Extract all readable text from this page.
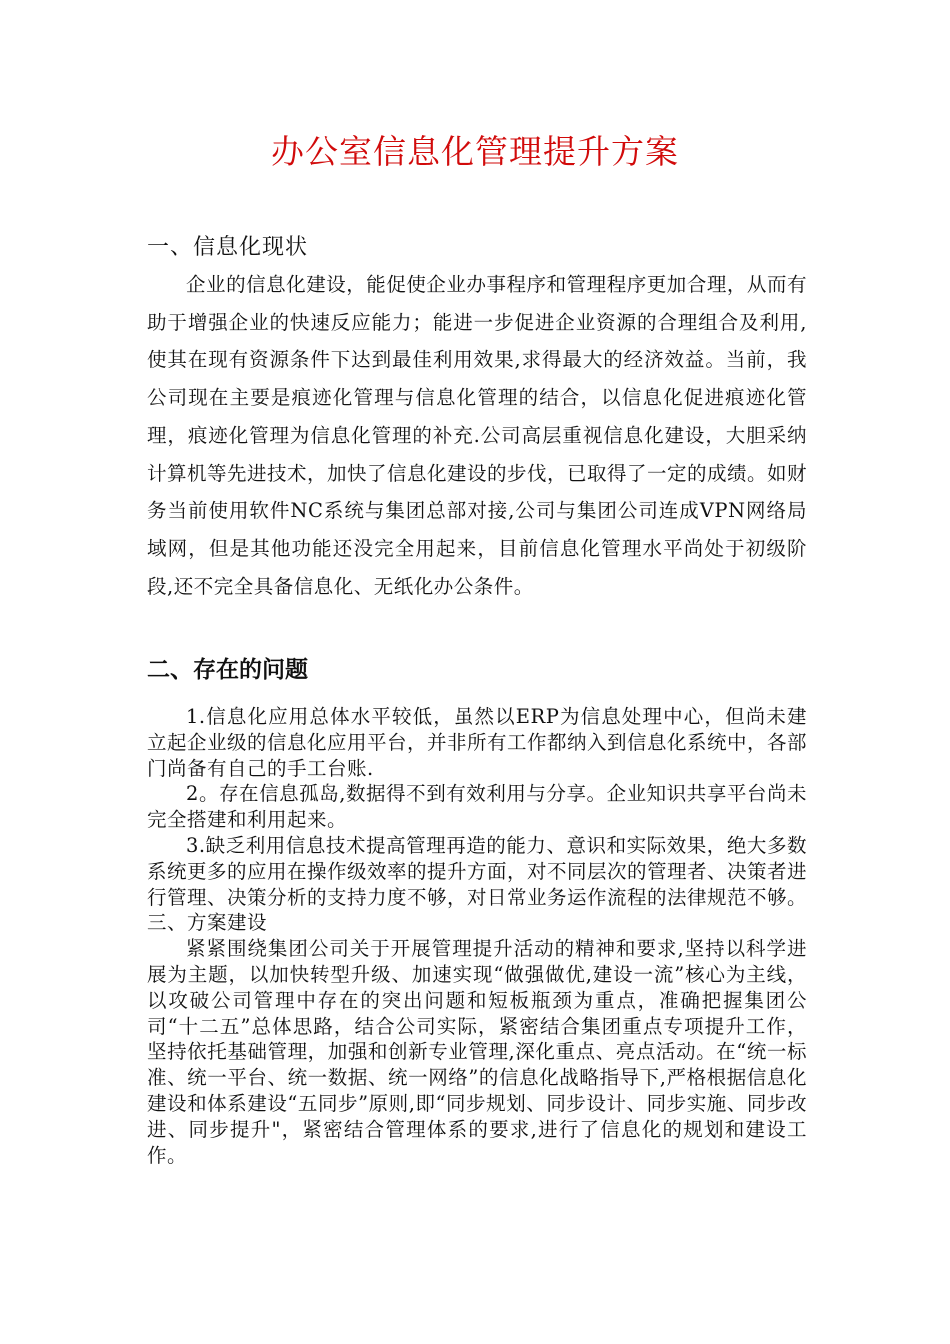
办公室信息化管理提升方案
一、信息化现状
企业的信息化建设，能促使企业办事程序和管理程序更加合理，从而有助于增强企业的快速反应能力；能进一步促进企业资源的合理组合及利用,使其在现有资源条件下达到最佳利用效果,求得最大的经济效益。当前，我公司现在主要是痕迹化管理与信息化管理的结合，以信息化促进痕迹化管理，痕迹化管理为信息化管理的补充.公司高层重视信息化建设，大胆采纳计算机等先进技术，加快了信息化建设的步伐，已取得了一定的成绩。如财务当前使用软件NC系统与集团总部对接,公司与集团公司连成VPN网络局域网，但是其他功能还没完全用起来，目前信息化管理水平尚处于初级阶段,还不完全具备信息化、无纸化办公条件。
二、存在的问题

1.信息化应用总体水平较低，虽然以ERP为信息处理中心，但尚未建立起企业级的信息化应用平台，并非所有工作都纳入到信息化系统中，各部门尚备有自己的手工台账.

2。存在信息孤岛,数据得不到有效利用与分享。企业知识共享平台尚未完全搭建和利用起来。

3.缺乏利用信息技术提高管理再造的能力、意识和实际效果，绝大多数系统更多的应用在操作级效率的提升方面，对不同层次的管理者、决策者进行管理、决策分析的支持力度不够，对日常业务运作流程的法律规范不够。

三、方案建设

紧紧围绕集团公司关于开展管理提升活动的精神和要求,坚持以科学进展为主题，以加快转型升级、加速实现“做强做优,建设一流”核心为主线，以攻破公司管理中存在的突出问题和短板瓶颈为重点，准确把握集团公司“十二五”总体思路，结合公司实际，紧密结合集团重点专项提升工作，坚持依托基础管理，加强和创新专业管理,深化重点、亮点活动。在“统一标准、统一平台、统一数据、统一网络”的信息化战略指导下,严格根据信息化建设和体系建设“五同步”原则,即“同步规划、同步设计、同步实施、同步改进、同步提升"，紧密结合管理体系的要求,进行了信息化的规划和建设工作。
